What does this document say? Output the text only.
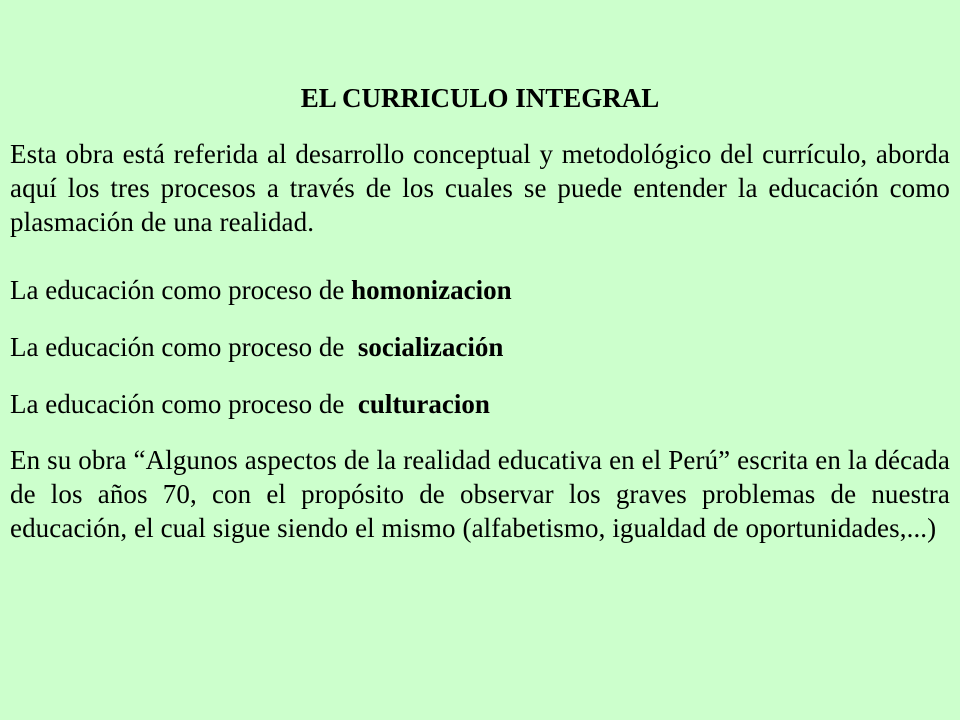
EL CURRICULO INTEGRAL

Esta obra está referida al desarrollo conceptual y metodológico del currículo, aborda aquí los tres procesos a través de los cuales se puede entender la educación como plasmación de una realidad.

La educación como proceso de homonizacion

La educación como proceso de  socialización

La educación como proceso de  culturacion

En su obra “Algunos aspectos de la realidad educativa en el Perú” escrita en la década de los años 70, con el propósito de observar los graves problemas de nuestra educación, el cual sigue siendo el mismo (alfabetismo, igualdad de oportunidades,...)
